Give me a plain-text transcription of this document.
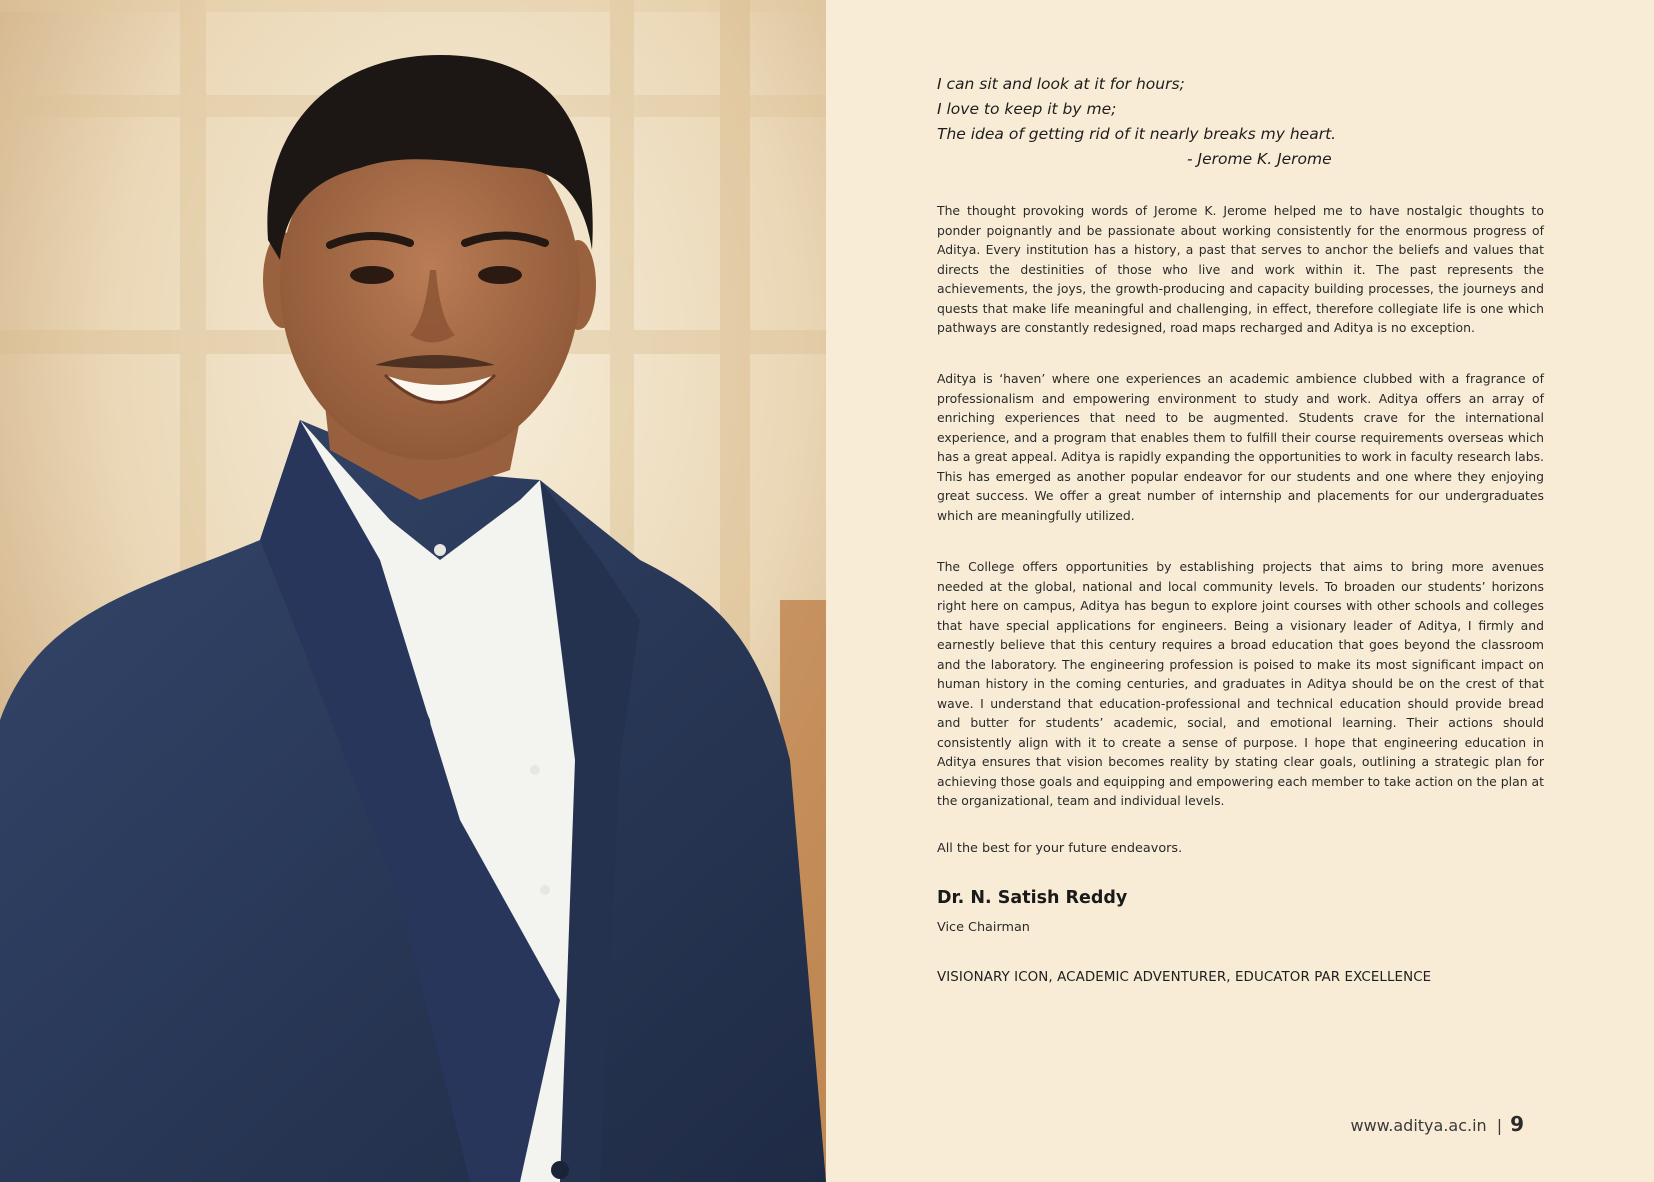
I can sit and look at it for hours;
I love to keep it by me;
The idea of getting rid of it nearly breaks my heart.
- Jerome K. Jerome

The thought provoking words of Jerome K. Jerome helped me to have nostalgic thoughts to ponder poignantly and be passionate about working consistently for the enormous progress of Aditya. Every institution has a history, a past that serves to anchor the beliefs and values that directs the destinities of those who live and work within it. The past represents the achievements, the joys, the growth-producing and capacity building processes, the journeys and quests that make life meaningful and challenging, in effect, therefore collegiate life is one which pathways are constantly redesigned, road maps recharged and Aditya is no exception.

Aditya is ‘haven’ where one experiences an academic ambience clubbed with a fragrance of professionalism and empowering environment to study and work. Aditya offers an array of enriching experiences that need to be augmented. Students crave for the international experience, and a program that enables them to fulfill their course requirements overseas which has a great appeal. Aditya is rapidly expanding the opportunities to work in faculty research labs. This has emerged as another popular endeavor for our students and one where they enjoying great success. We offer a great number of internship and placements for our undergraduates which are meaningfully utilized.

The College offers opportunities by establishing projects that aims to bring more avenues needed at the global, national and local community levels. To broaden our students’ horizons right here on campus, Aditya has begun to explore joint courses with other schools and colleges that have special applications for engineers. Being a visionary leader of Aditya, I firmly and earnestly believe that this century requires a broad education that goes beyond the classroom and the laboratory. The engineering profession is poised to make its most significant impact on human history in the coming centuries, and graduates in Aditya should be on the crest of that wave. I understand that education-professional and technical education should provide bread and butter for students’ academic, social, and emotional learning. Their actions should consistently align with it to create a sense of purpose. I hope that engineering education in Aditya ensures that vision becomes reality by stating clear goals, outlining a strategic plan for achieving those goals and equipping and empowering each member to take action on the plan at the organizational, team and individual levels.

All the best for your future endeavors.
Dr. N. Satish Reddy
Vice Chairman
VISIONARY ICON, ACADEMIC ADVENTURER, EDUCATOR PAR EXCELLENCE
www.aditya.ac.in | 9
